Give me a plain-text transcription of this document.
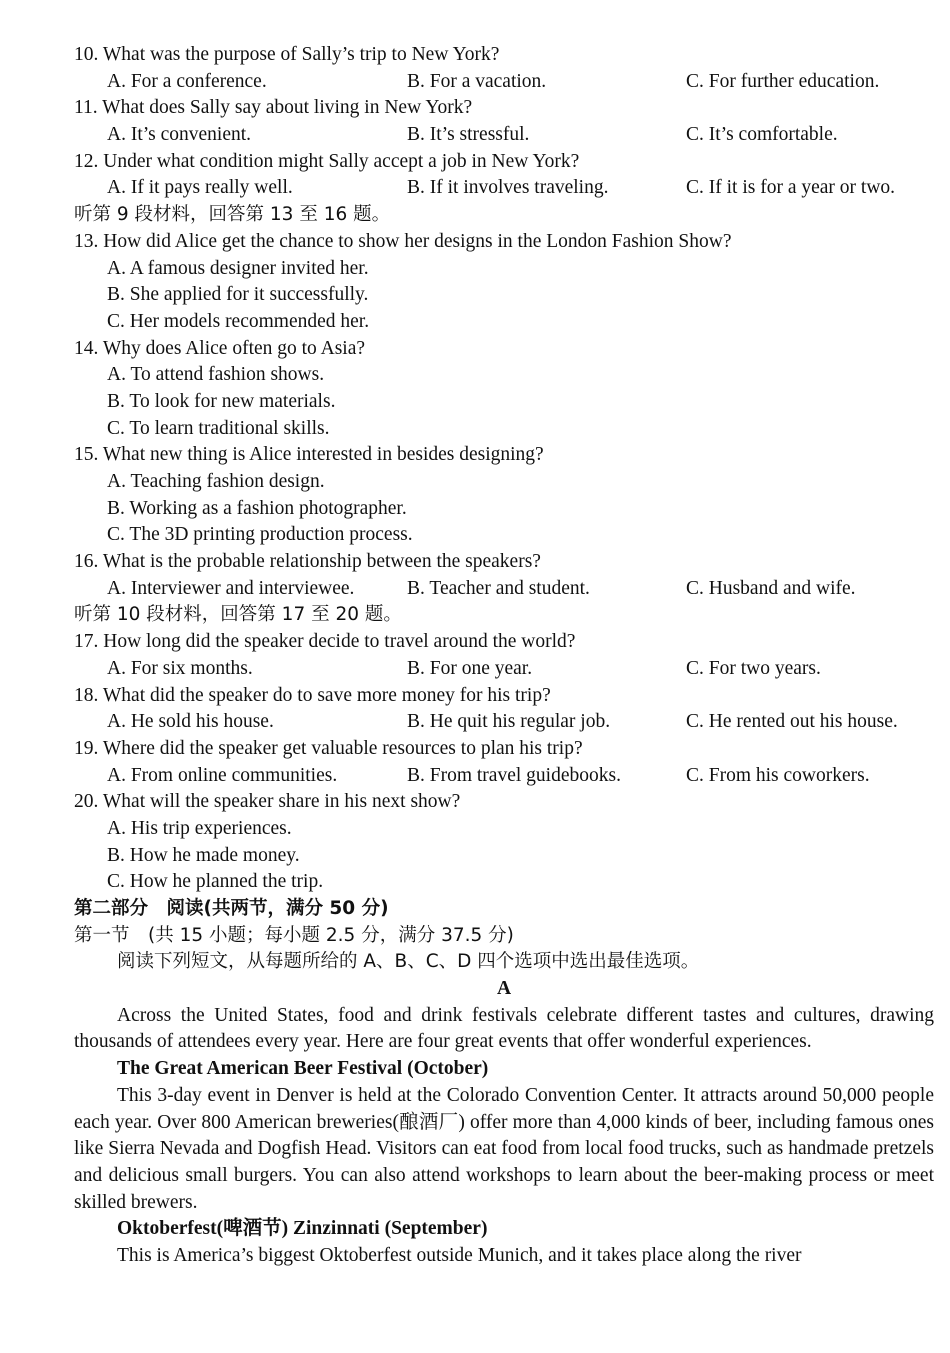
10. What was the purpose of Sally’s trip to New York?
A. For a conference.	B. For a vacation.	C. For further education.
11. What does Sally say about living in New York?
A. It’s convenient.	B. It’s stressful.	C. It’s comfortable.
12. Under what condition might Sally accept a job in New York?
A. If it pays really well.	B. If it involves traveling.	C. If it is for a year or two.
听第 9 段材料，回答第 13 至 16 题。
13. How did Alice get the chance to show her designs in the London Fashion Show?
A. A famous designer invited her.
B. She applied for it successfully.
C. Her models recommended her.
14. Why does Alice often go to Asia?
A. To attend fashion shows.
B. To look for new materials.
C. To learn traditional skills.
15. What new thing is Alice interested in besides designing?
A. Teaching fashion design.
B. Working as a fashion photographer.
C. The 3D printing production process.
16. What is the probable relationship between the speakers?
A. Interviewer and interviewee.	B. Teacher and student.	C. Husband and wife.
听第 10 段材料，回答第 17 至 20 题。
17. How long did the speaker decide to travel around the world?
A. For six months.	B. For one year.	C. For two years.
18. What did the speaker do to save more money for his trip?
A. He sold his house.	B. He quit his regular job.	C. He rented out his house.
19. Where did the speaker get valuable resources to plan his trip?
A. From online communities.	B. From travel guidebooks.	C. From his coworkers.
20. What will the speaker share in his next show?
A. His trip experiences.
B. How he made money.
C. How he planned the trip.
第二部分　阅读(共两节，满分 50 分)
第一节　(共 15 小题；每小题 2.5 分，满分 37.5 分)
阅读下列短文，从每题所给的 A、B、C、D 四个选项中选出最佳选项。
A
Across the United States, food and drink festivals celebrate different tastes and cultures, drawing thousands of attendees every year. Here are four great events that offer wonderful experiences.
The Great American Beer Festival (October)
This 3-day event in Denver is held at the Colorado Convention Center. It attracts around 50,000 people each year. Over 800 American breweries(酿酒厂) offer more than 4,000 kinds of beer, including famous ones like Sierra Nevada and Dogfish Head. Visitors can eat food from local food trucks, such as handmade pretzels and delicious small burgers. You can also attend workshops to learn about the beer-making process or meet skilled brewers.
Oktoberfest(啤酒节) Zinzinnati (September)
This is America’s biggest Oktoberfest outside Munich, and it takes place along the river
